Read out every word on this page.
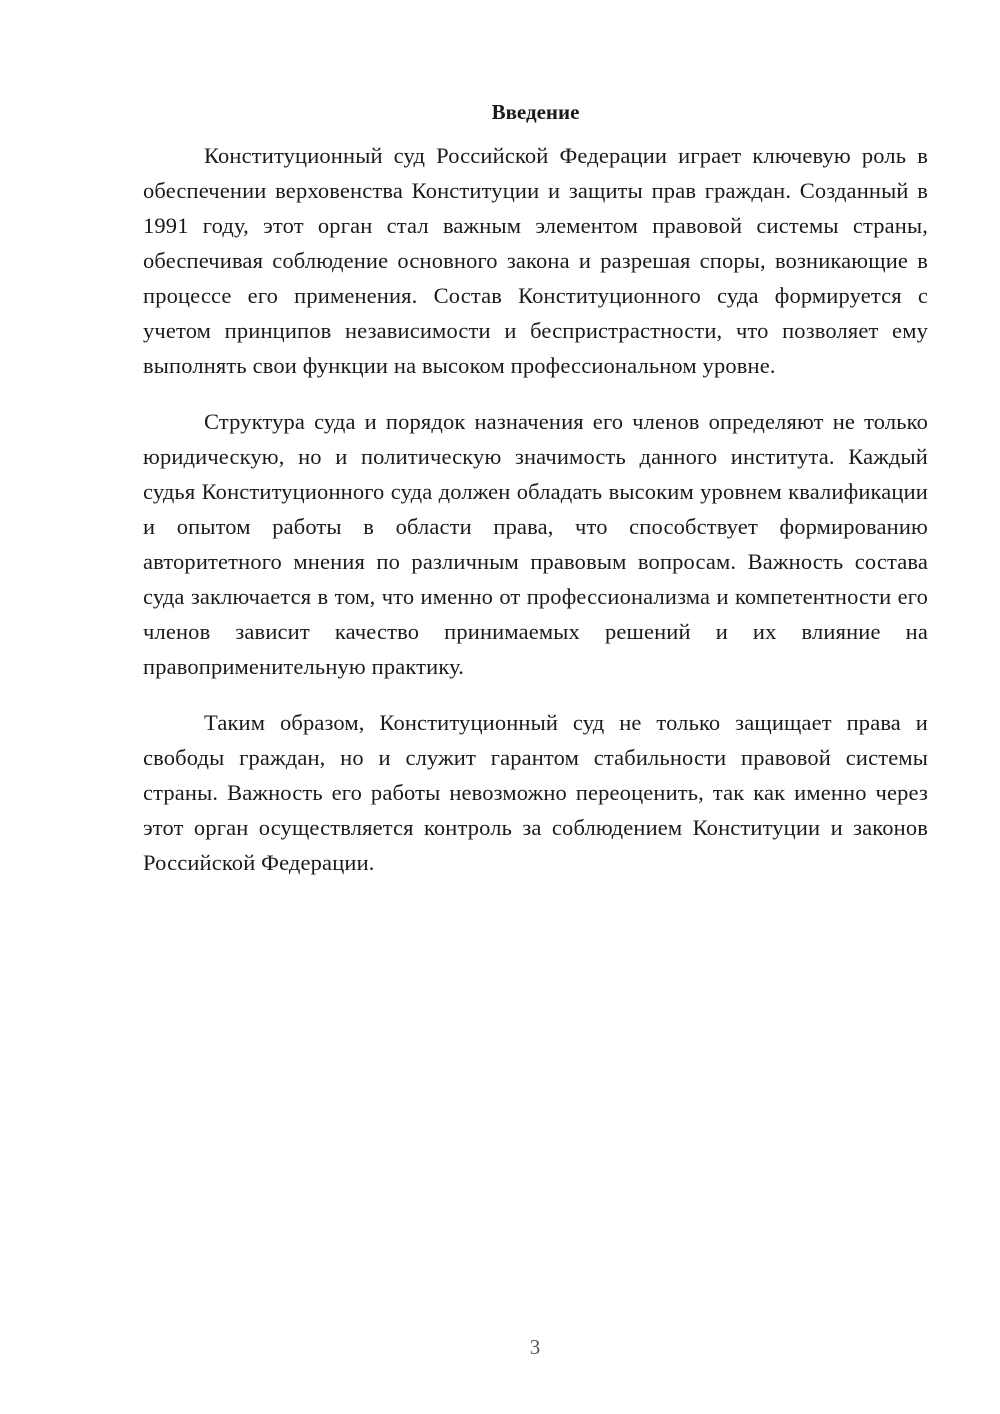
Введение

Конституционный суд Российской Федерации играет ключевую роль в обеспечении верховенства Конституции и защиты прав граждан. Созданный в 1991 году, этот орган стал важным элементом правовой системы страны, обеспечивая соблюдение основного закона и разрешая споры, возникающие в процессе его применения. Состав Конституционного суда формируется с учетом принципов независимости и беспристрастности, что позволяет ему выполнять свои функции на высоком профессиональном уровне.

Структура суда и порядок назначения его членов определяют не только юридическую, но и политическую значимость данного института. Каждый судья Конституционного суда должен обладать высоким уровнем квалификации и опытом работы в области права, что способствует формированию авторитетного мнения по различным правовым вопросам. Важность состава суда заключается в том, что именно от профессионализма и компетентности его членов зависит качество принимаемых решений и их влияние на правоприменительную практику.

Таким образом, Конституционный суд не только защищает права и свободы граждан, но и служит гарантом стабильности правовой системы страны. Важность его работы невозможно переоценить, так как именно через этот орган осуществляется контроль за соблюдением Конституции и законов Российской Федерации.

3
